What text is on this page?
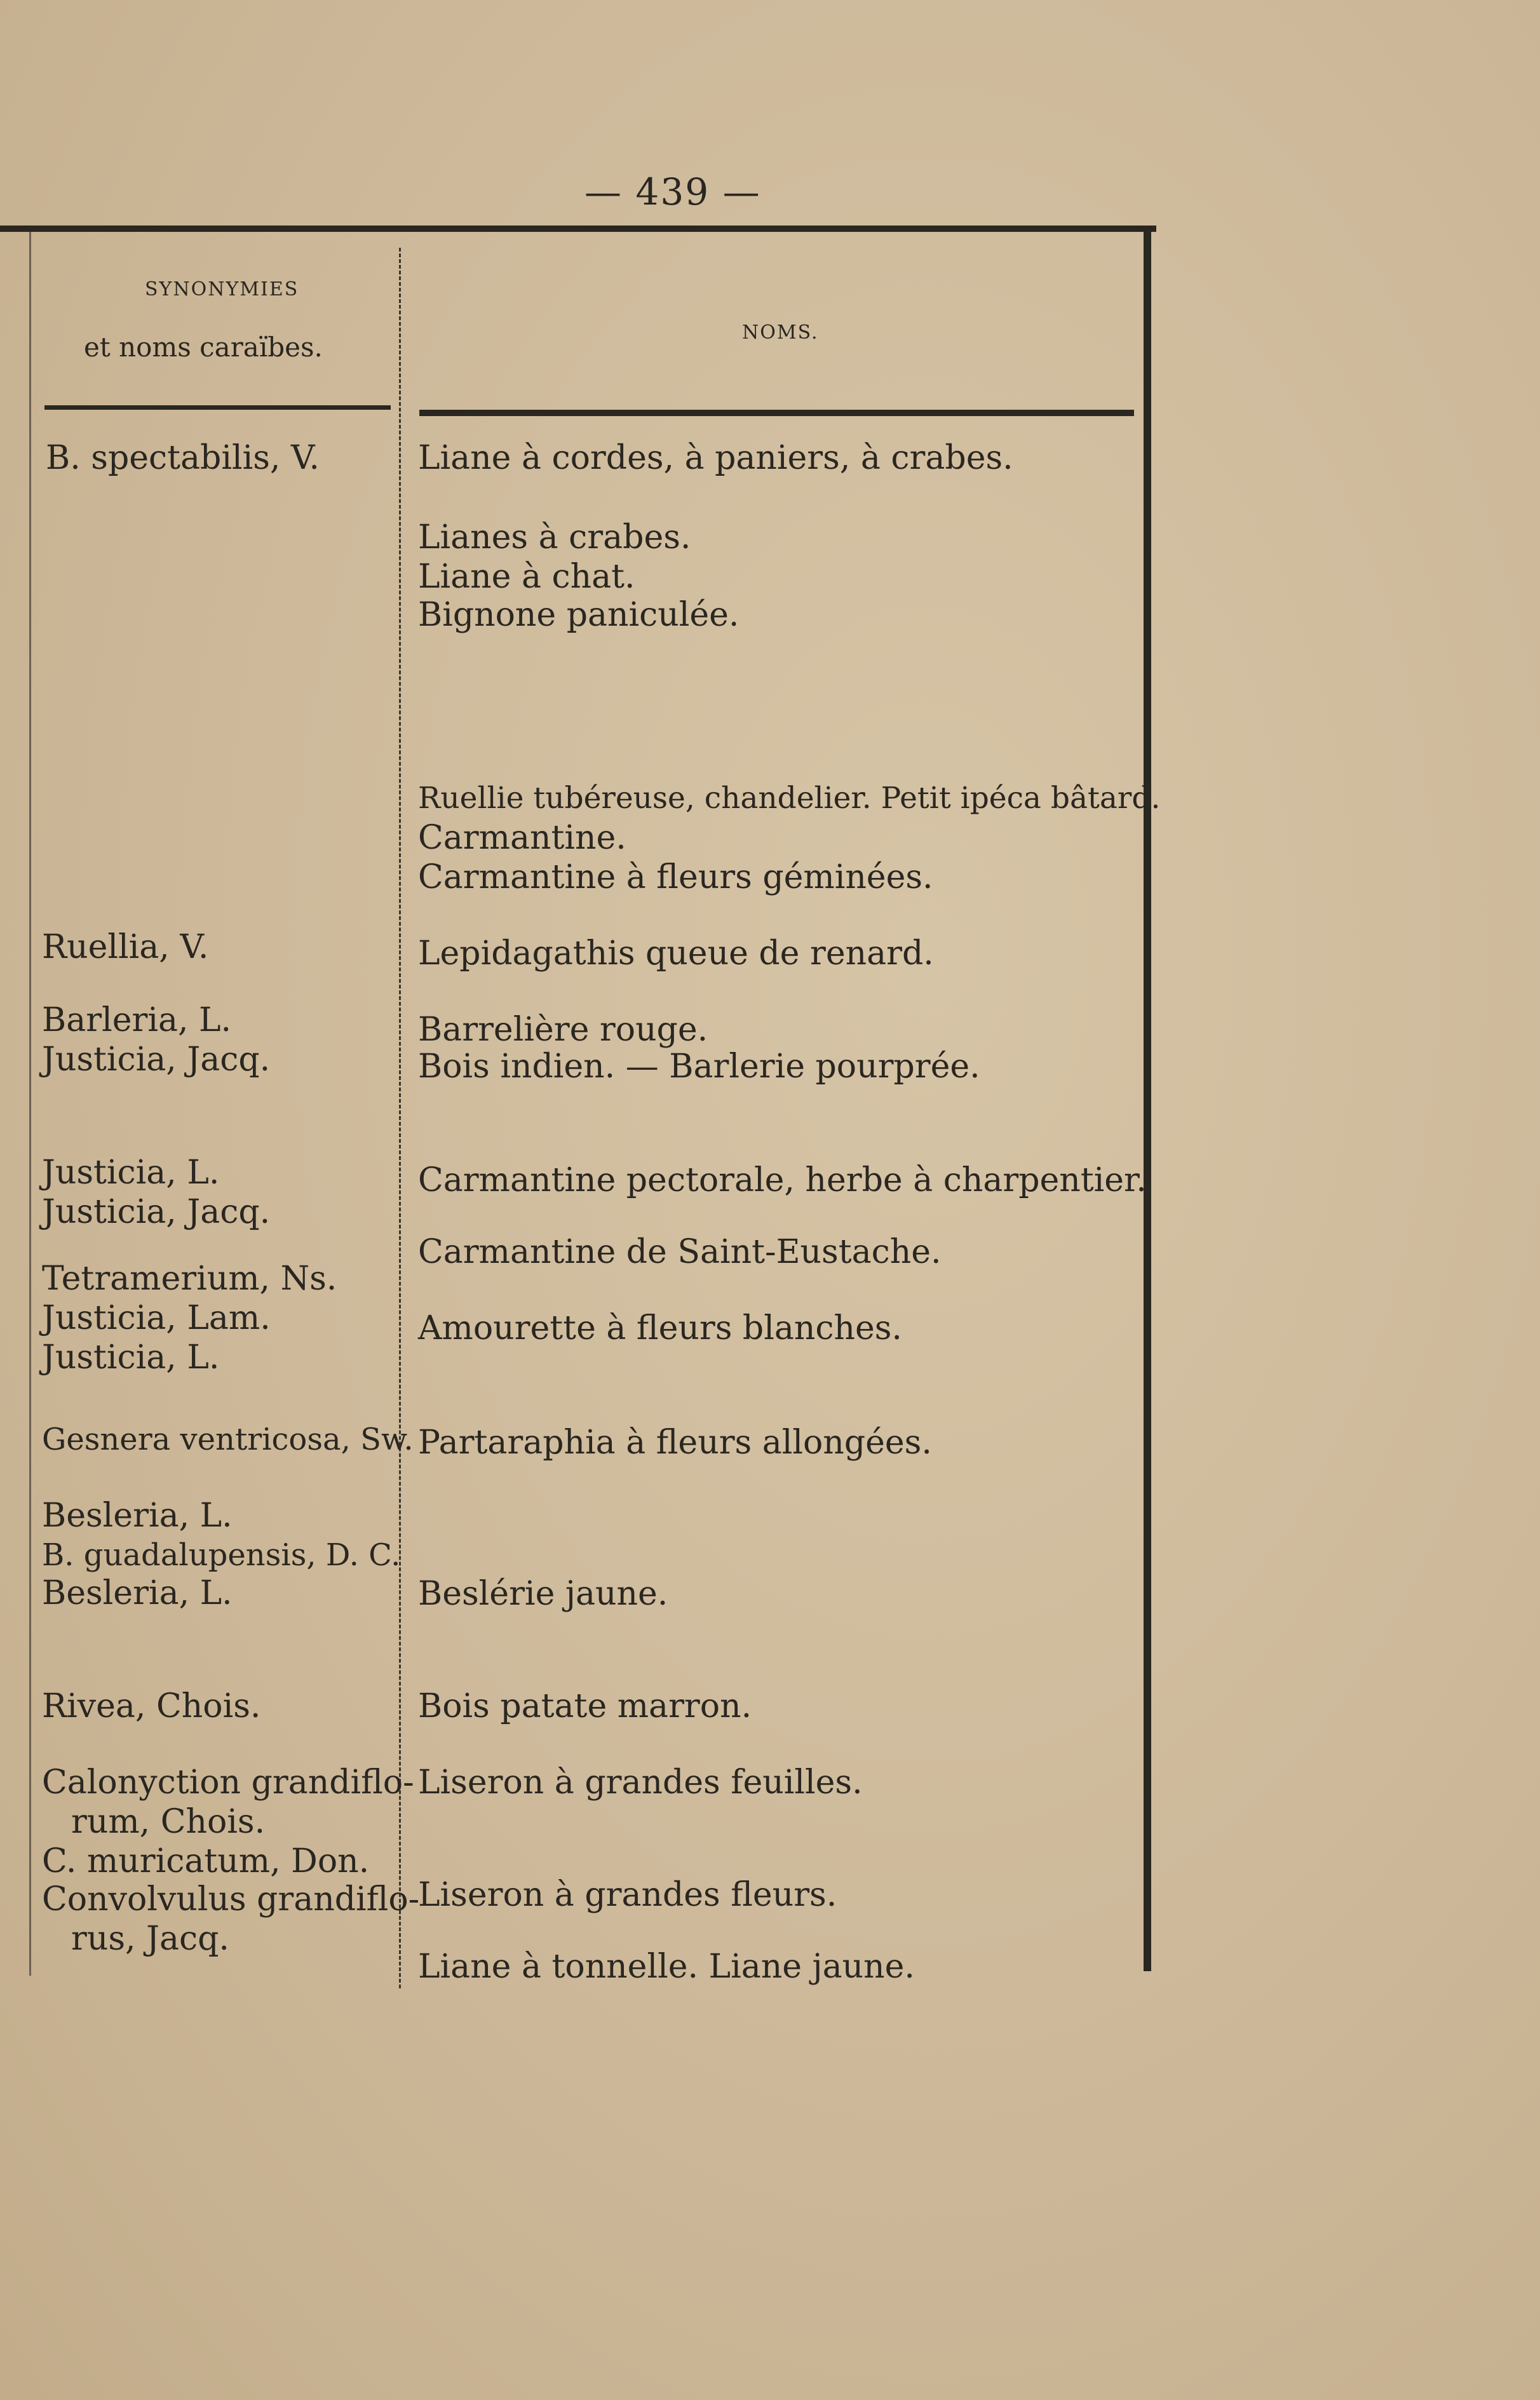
— 439 —
SYNONYMIES
et noms caraïbes.	NOMS.
B. spectabilis, V.
Ruellia, V.
Barleria, L.
Justicia, Jacq.
Justicia, L.
Justicia, Jacq.
Tetramerium, Ns.
Justicia, Lam.
Justicia, L.
Gesnera ventricosa, Sw.
Besleria, L.
B. guadalupensis, D. C.
Besleria, L.
Rivea, Chois.
Calonyction grandiflo-
rum, Chois.
C. muricatum, Don.
Convolvulus grandiflo-
rus, Jacq.
Liane à cordes, à paniers, à crabes.
Lianes à crabes.
Liane à chat.
Bignone paniculée.
Ruellie tubéreuse, chandelier. Petit ipéca bâtard.
Carmantine.
Carmantine à fleurs géminées.
Lepidagathis queue de renard.
Barrelière rouge.
Bois indien. — Barlerie pourprée.
Carmantine pectorale, herbe à charpentier.
Carmantine de Saint-Eustache.
Amourette à fleurs blanches.
Partaraphia à fleurs allongées.
Beslérie jaune.
Bois patate marron.
Liseron à grandes feuilles.
Liseron à grandes fleurs.
Liane à tonnelle. Liane jaune.
